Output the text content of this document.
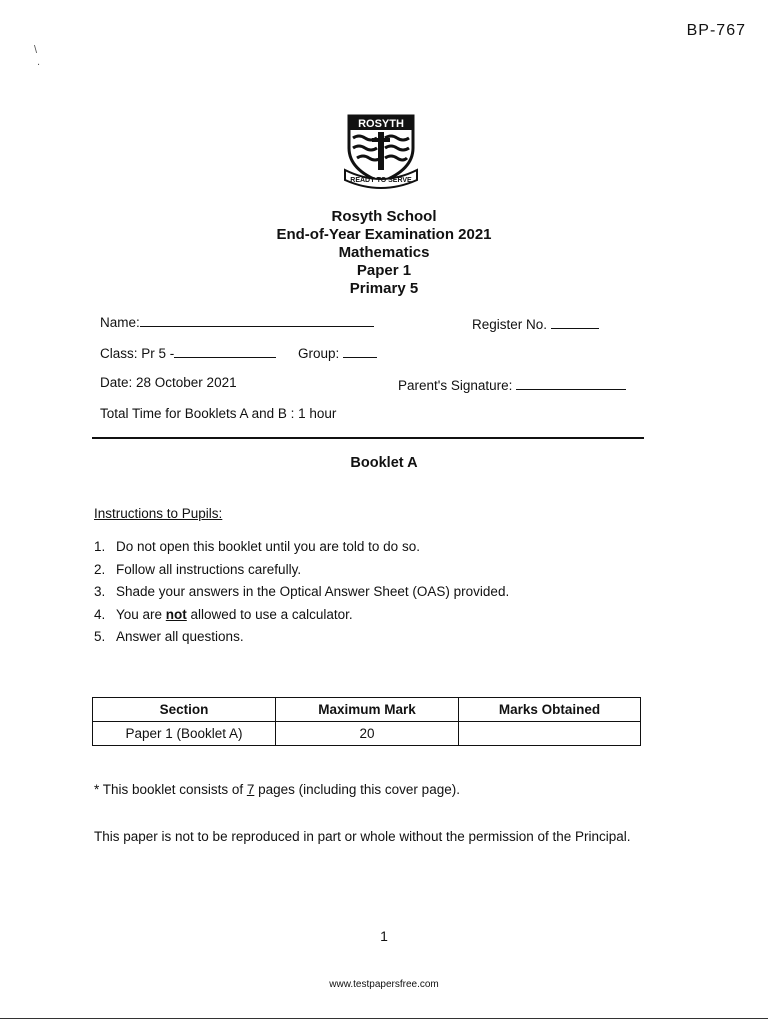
BP-767
\
.
ROSYTH
READY TO SERVE
Rosyth School
End-of-Year Examination 2021
Mathematics
Paper 1
Primary 5
Name:	Register No.
Class: Pr 5 -	Group:
Date: 28 October 2021	Parent's Signature:
Total Time for Booklets A and B : 1 hour
Booklet A
Instructions to Pupils:
1. Do not open this booklet until you are told to do so.
2. Follow all instructions carefully.
3. Shade your answers in the Optical Answer Sheet (OAS) provided.
4. You are not allowed to use a calculator.
5. Answer all questions.
Section	Maximum Mark	Marks Obtained
Paper 1 (Booklet A)	20	
* This booklet consists of 7 pages (including this cover page).
This paper is not to be reproduced in part or whole without the permission of the Principal.
1
www.testpapersfree.com
